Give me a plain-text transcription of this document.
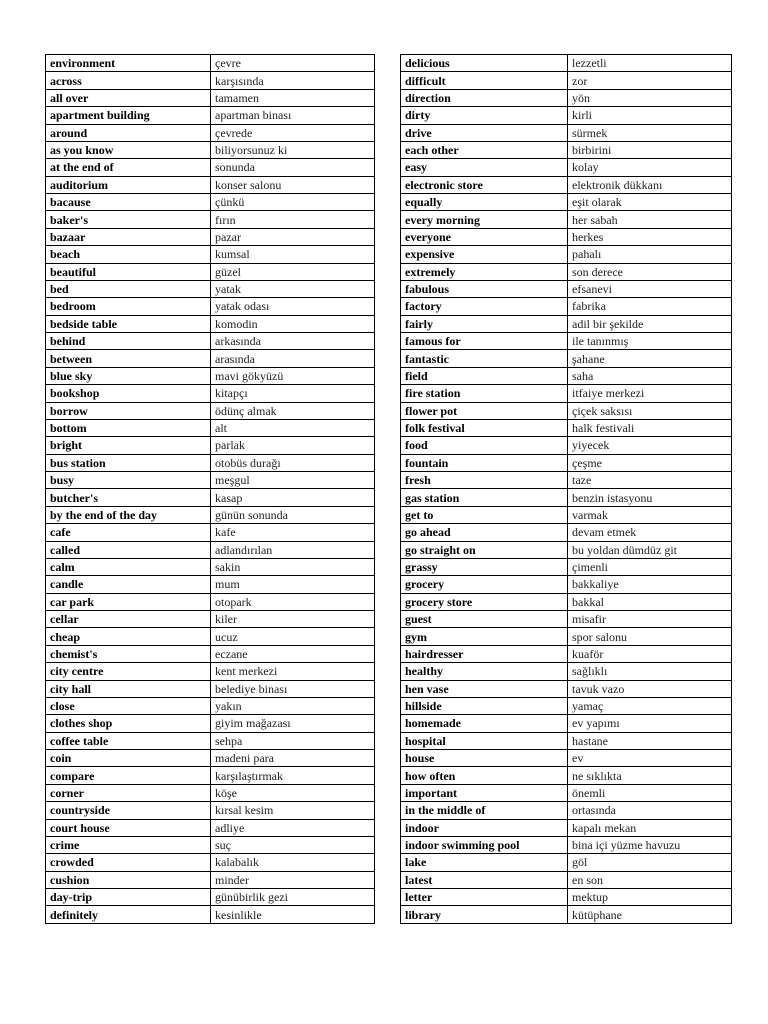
environment	çevre
across	karşısında
all over	tamamen
apartment building	apartman binası
around	çevrede
as you know	biliyorsunuz ki
at the end of	sonunda
auditorium	konser salonu
bacause	çünkü
baker's	fırın
bazaar	pazar
beach	kumsal
beautiful	güzel
bed	yatak
bedroom	yatak odası
bedside table	komodin
behind	arkasında
between	arasında
blue sky	mavi gökyüzü
bookshop	kitapçı
borrow	ödünç almak
bottom	alt
bright	parlak
bus station	otobüs durağı
busy	meşgul
butcher's	kasap
by the end of the day	günün sonunda
cafe	kafe
called	adlandırılan
calm	sakin
candle	mum
car park	otopark
cellar	kiler
cheap	ucuz
chemist's	eczane
city centre	kent merkezi
city hall	belediye binası
close	yakın
clothes shop	giyim mağazası
coffee table	sehpa
coin	madeni para
compare	karşılaştırmak
corner	köşe
countryside	kırsal kesim
court house	adliye
crime	suç
crowded	kalabalık
cushion	minder
day-trip	günübirlik gezi
definitely	kesinlikle
delicious	lezzetli
difficult	zor
direction	yön
dirty	kirli
drive	sürmek
each other	birbirini
easy	kolay
electronic store	elektronik dükkanı
equally	eşit olarak
every morning	her sabah
everyone	herkes
expensive	pahalı
extremely	son derece
fabulous	efsanevi
factory	fabrika
fairly	adil bir şekilde
famous for	ile tanınmış
fantastic	şahane
field	saha
fire station	itfaiye merkezi
flower pot	çiçek saksısı
folk festival	halk festivali
food	yiyecek
fountain	çeşme
fresh	taze
gas station	benzin istasyonu
get to	varmak
go ahead	devam etmek
go straight on	bu yoldan dümdüz git
grassy	çimenli
grocery	bakkaliye
grocery store	bakkal
guest	misafir
gym	spor salonu
hairdresser	kuaför
healthy	sağlıklı
hen vase	tavuk vazo
hillside	yamaç
homemade	ev yapımı
hospital	hastane
house	ev
how often	ne sıklıkta
important	önemli
in the middle of	ortasında
indoor	kapalı mekan
indoor swimming pool	bina içi yüzme havuzu
lake	göl
latest	en son
letter	mektup
library	kütüphane
